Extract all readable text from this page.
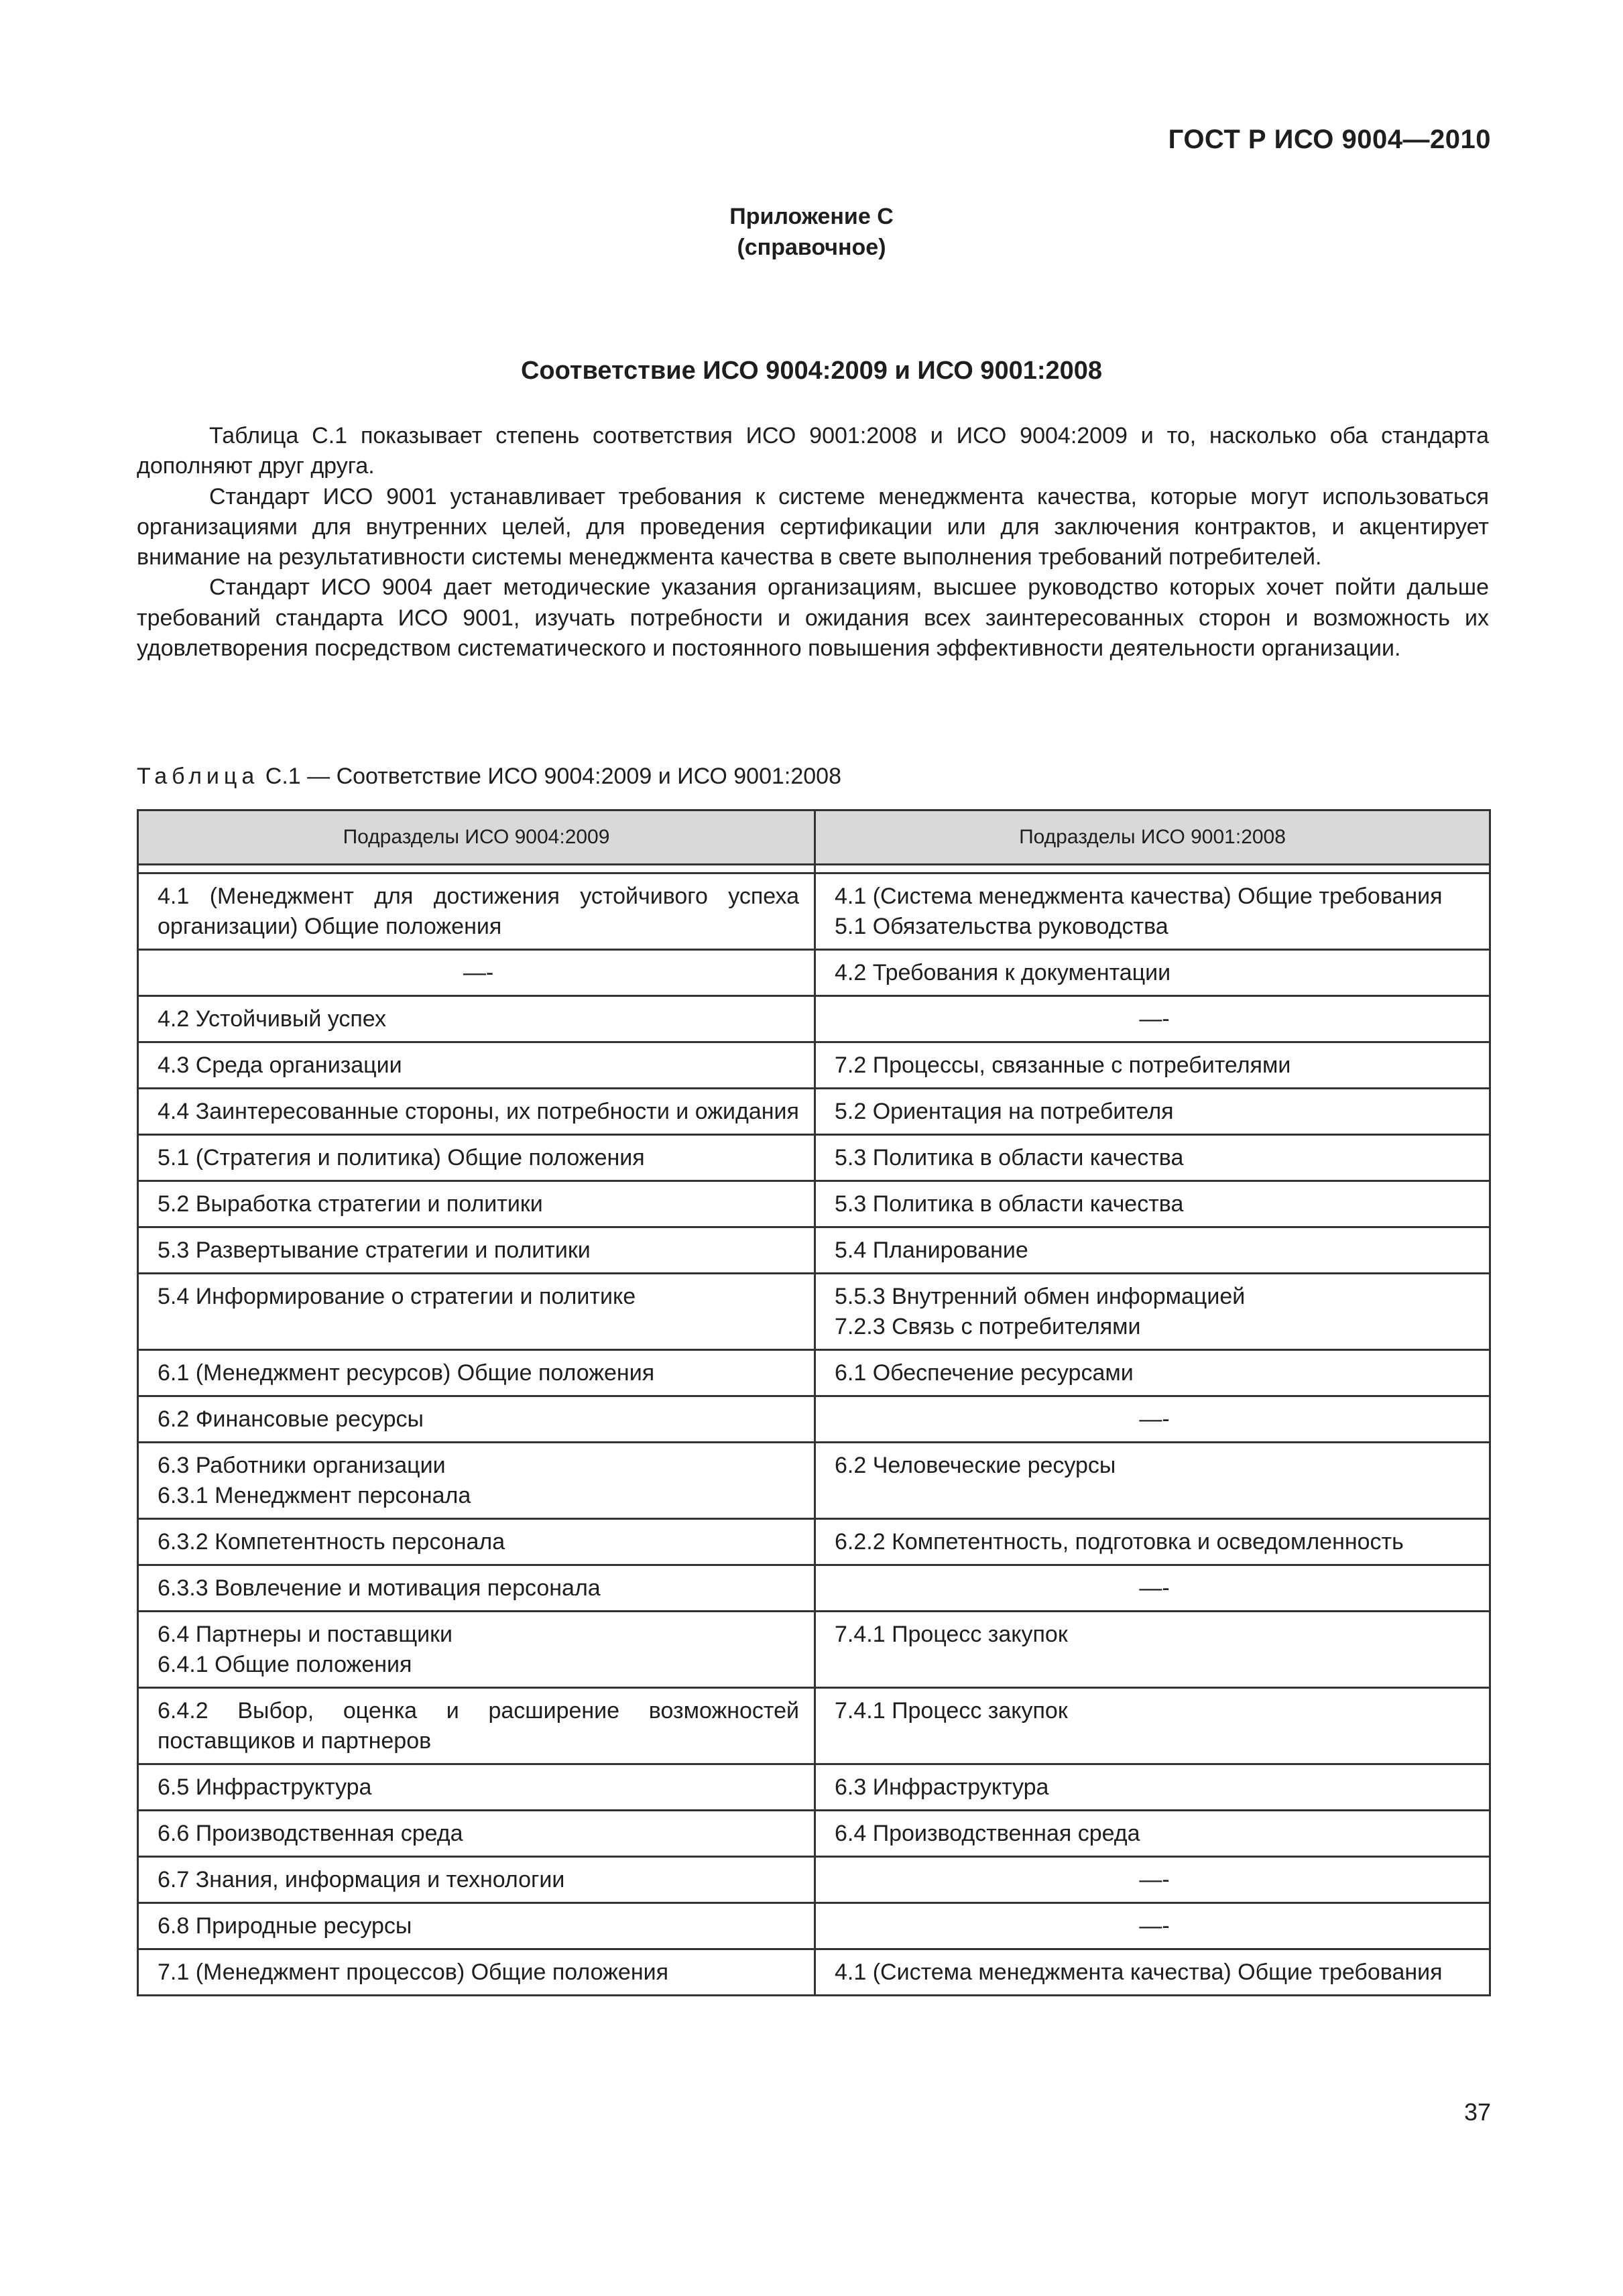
ГОСТ Р ИСО 9004—2010
Приложение С
(справочное)
Соответствие ИСО 9004:2009 и ИСО 9001:2008

Таблица С.1 показывает степень соответствия ИСО 9001:2008 и ИСО 9004:2009 и то, насколько оба стандарта дополняют друг друга.

Стандарт ИСО 9001 устанавливает требования к системе менеджмента качества, которые могут использоваться организациями для внутренних целей, для проведения сертификации или для заключения контрактов, и акцентирует внимание на результативности системы менеджмента качества в свете выполнения требований потребителей.

Стандарт ИСО 9004 дает методические указания организациям, высшее руководство которых хочет пойти дальше требований стандарта ИСО 9001, изучать потребности и ожидания всех заинтересованных сторон и возможность их удовлетворения посредством систематического и постоянного повышения эффективности деятельности организации.

Таблица С.1 — Соответствие ИСО 9004:2009 и ИСО 9001:2008
Подразделы ИСО 9004:2009	Подразделы ИСО 9001:2008

4.1 (Менеджмент для достижения устойчивого успеха организации) Общие положения	4.1 (Система менеджмента качества) Общие требования
5.1 Обязательства руководства

—-	4.2 Требования к документации

4.2 Устойчивый успех	—-

4.3 Среда организации	7.2 Процессы, связанные с потребителями

4.4 Заинтересованные стороны, их потребности и ожидания	5.2 Ориентация на потребителя

5.1 (Стратегия и политика) Общие положения	5.3 Политика в области качества

5.2 Выработка стратегии и политики	5.3 Политика в области качества

5.3 Развертывание стратегии и политики	5.4 Планирование

5.4 Информирование о стратегии и политике	5.5.3 Внутренний обмен информацией
7.2.3 Связь с потребителями

6.1 (Менеджмент ресурсов) Общие положения	6.1 Обеспечение ресурсами

6.2 Финансовые ресурсы	—-

6.3 Работники организации
6.3.1 Менеджмент персонала	6.2 Человеческие ресурсы

6.3.2 Компетентность персонала	6.2.2 Компетентность, подготовка и осведомленность

6.3.3 Вовлечение и мотивация персонала	—-

6.4 Партнеры и поставщики
6.4.1 Общие положения	7.4.1 Процесс закупок

6.4.2 Выбор, оценка и расширение возможностей поставщиков и партнеров	7.4.1 Процесс закупок

6.5 Инфраструктура	6.3 Инфраструктура

6.6 Производственная среда	6.4 Производственная среда

6.7 Знания, информация и технологии	—-

6.8 Природные ресурсы	—-

7.1 (Менеджмент процессов) Общие положения	4.1 (Система менеджмента качества) Общие требования
37
